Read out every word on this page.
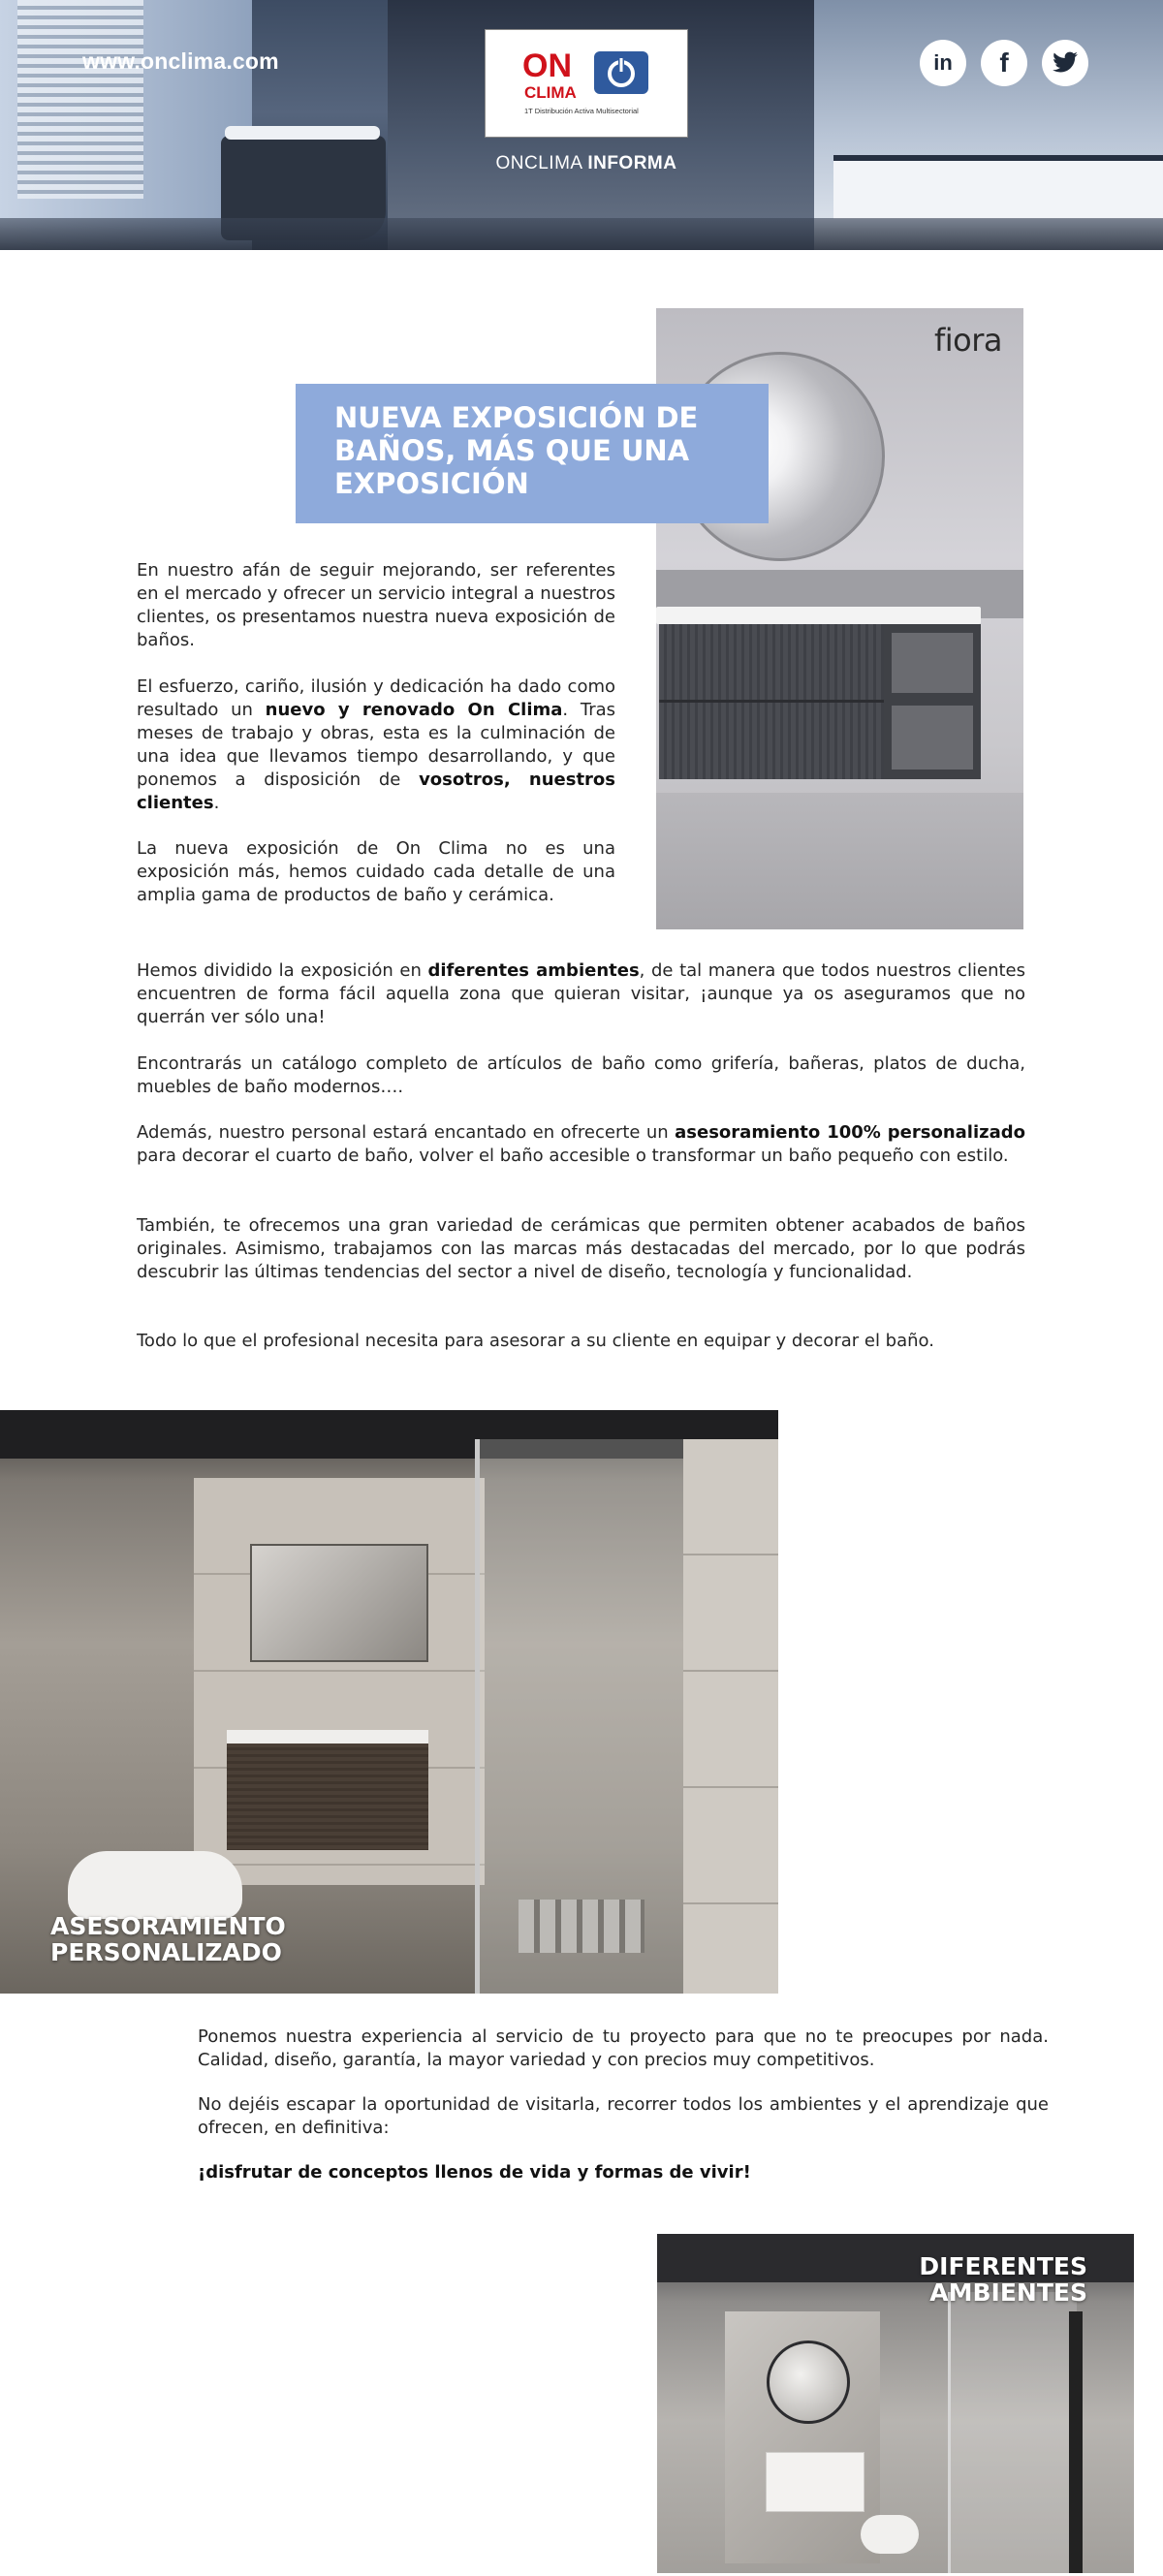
www.onclima.com	ON
CLIMA
1T Distribución Activa Multisectorial
ONCLIMA INFORMA
in f
fiora
NUEVA EXPOSICIÓN DE BAÑOS, MÁS QUE UNA EXPOSICIÓN

En nuestro afán de seguir mejorando, ser referentes en el mercado y ofrecer un servicio integral a nuestros clientes, os presentamos nuestra nueva exposición de baños.

El esfuerzo, cariño, ilusión y dedicación ha dado como resultado un nuevo y renovado On Clima. Tras meses de trabajo y obras, esta es la culminación de una idea que llevamos tiempo desarrollando, y que ponemos a disposición de vosotros, nuestros clientes.

La nueva exposición de On Clima no es una exposición más, hemos cuidado cada detalle de una amplia gama de productos de baño y cerámica.

Hemos dividido la exposición en diferentes ambientes, de tal manera que todos nuestros clientes encuentren de forma fácil aquella zona que quieran visitar, ¡aunque ya os aseguramos que no querrán ver sólo una!

Encontrarás un catálogo completo de artículos de baño como grifería, bañeras, platos de ducha, muebles de baño modernos….

Además, nuestro personal estará encantado en ofrecerte un asesoramiento 100% personalizado para decorar el cuarto de baño, volver el baño accesible o transformar un baño pequeño con estilo.

También, te ofrecemos una gran variedad de cerámicas que permiten obtener acabados de baños originales. Asimismo, trabajamos con las marcas más destacadas del mercado, por lo que podrás descubrir las últimas tendencias del sector a nivel de diseño, tecnología y funcionalidad.

Todo lo que el profesional necesita para asesorar a su cliente en equipar y decorar el baño.

ASESORAMIENTO
PERSONALIZADO

Ponemos nuestra experiencia al servicio de tu proyecto para que no te preocupes por nada. Calidad, diseño, garantía, la mayor variedad y con precios muy competitivos.

No dejéis escapar la oportunidad de visitarla, recorrer todos los ambientes y el aprendizaje que ofrecen, en definitiva:

¡disfrutar de conceptos llenos de vida y formas de vivir!

DIFERENTES
AMBIENTES
